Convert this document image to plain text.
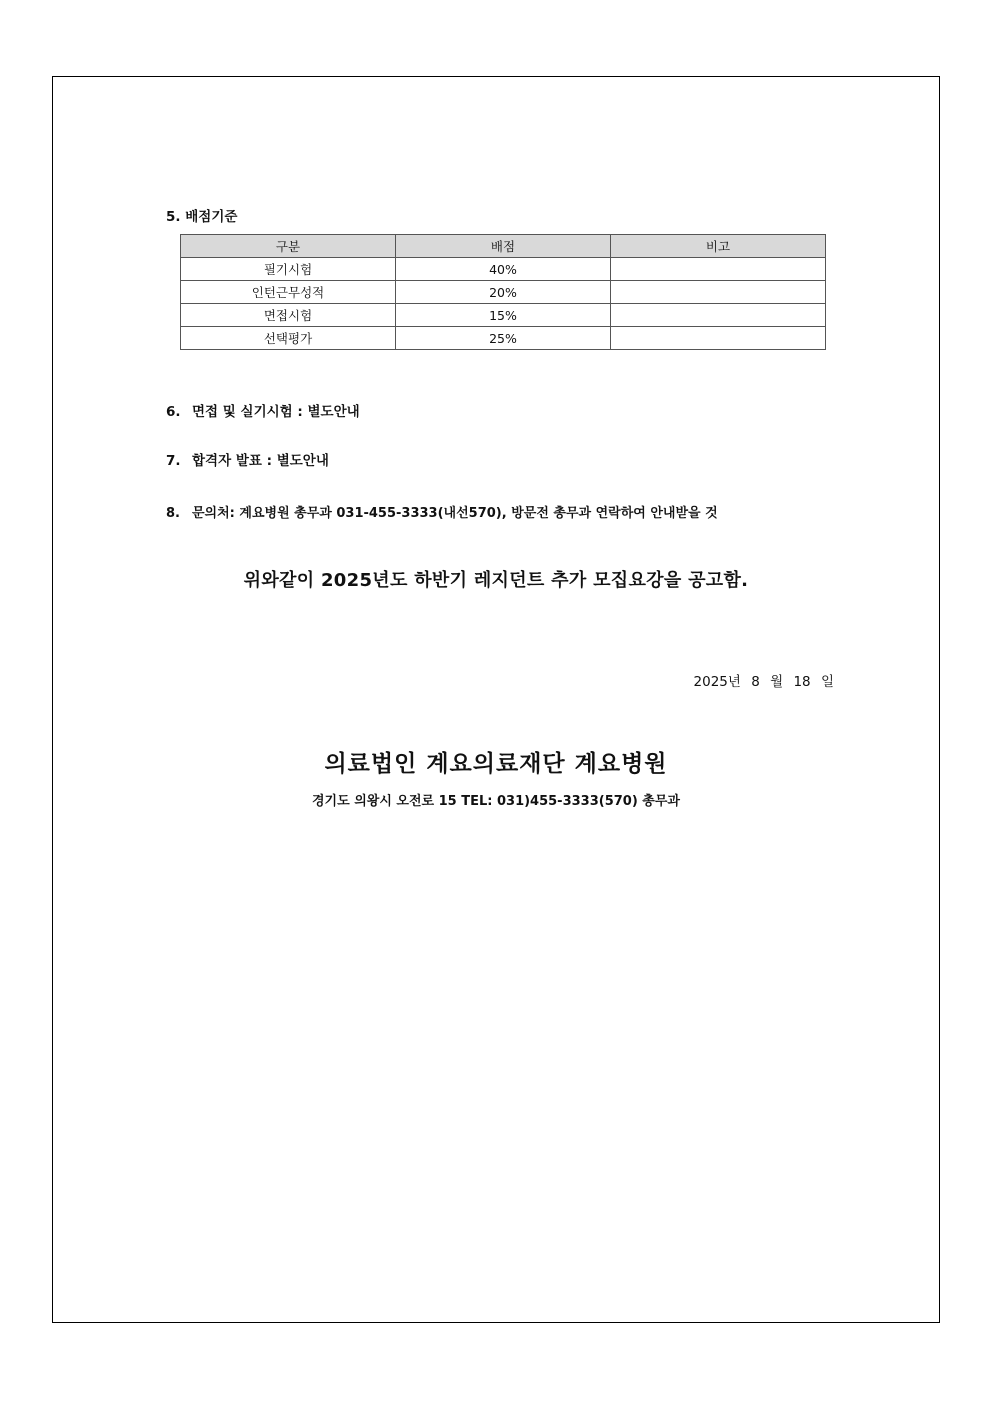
5. 배점기준
구분	배점	비고
필기시험	40%	
인턴근무성적	20%	
면접시험	15%	
선택평가	25%	
6. 면접 및 실기시험 : 별도안내
7. 합격자 발표 : 별도안내
8. 문의처: 계요병원 총무과 031-455-3333(내선570), 방문전 총무과 연락하여 안내받을 것
위와같이 2025년도 하반기 레지던트 추가 모집요강을 공고함.
2025년 8 월 18 일
의료법인 계요의료재단 계요병원
경기도 의왕시 오전로 15 TEL: 031)455-3333(570) 총무과
